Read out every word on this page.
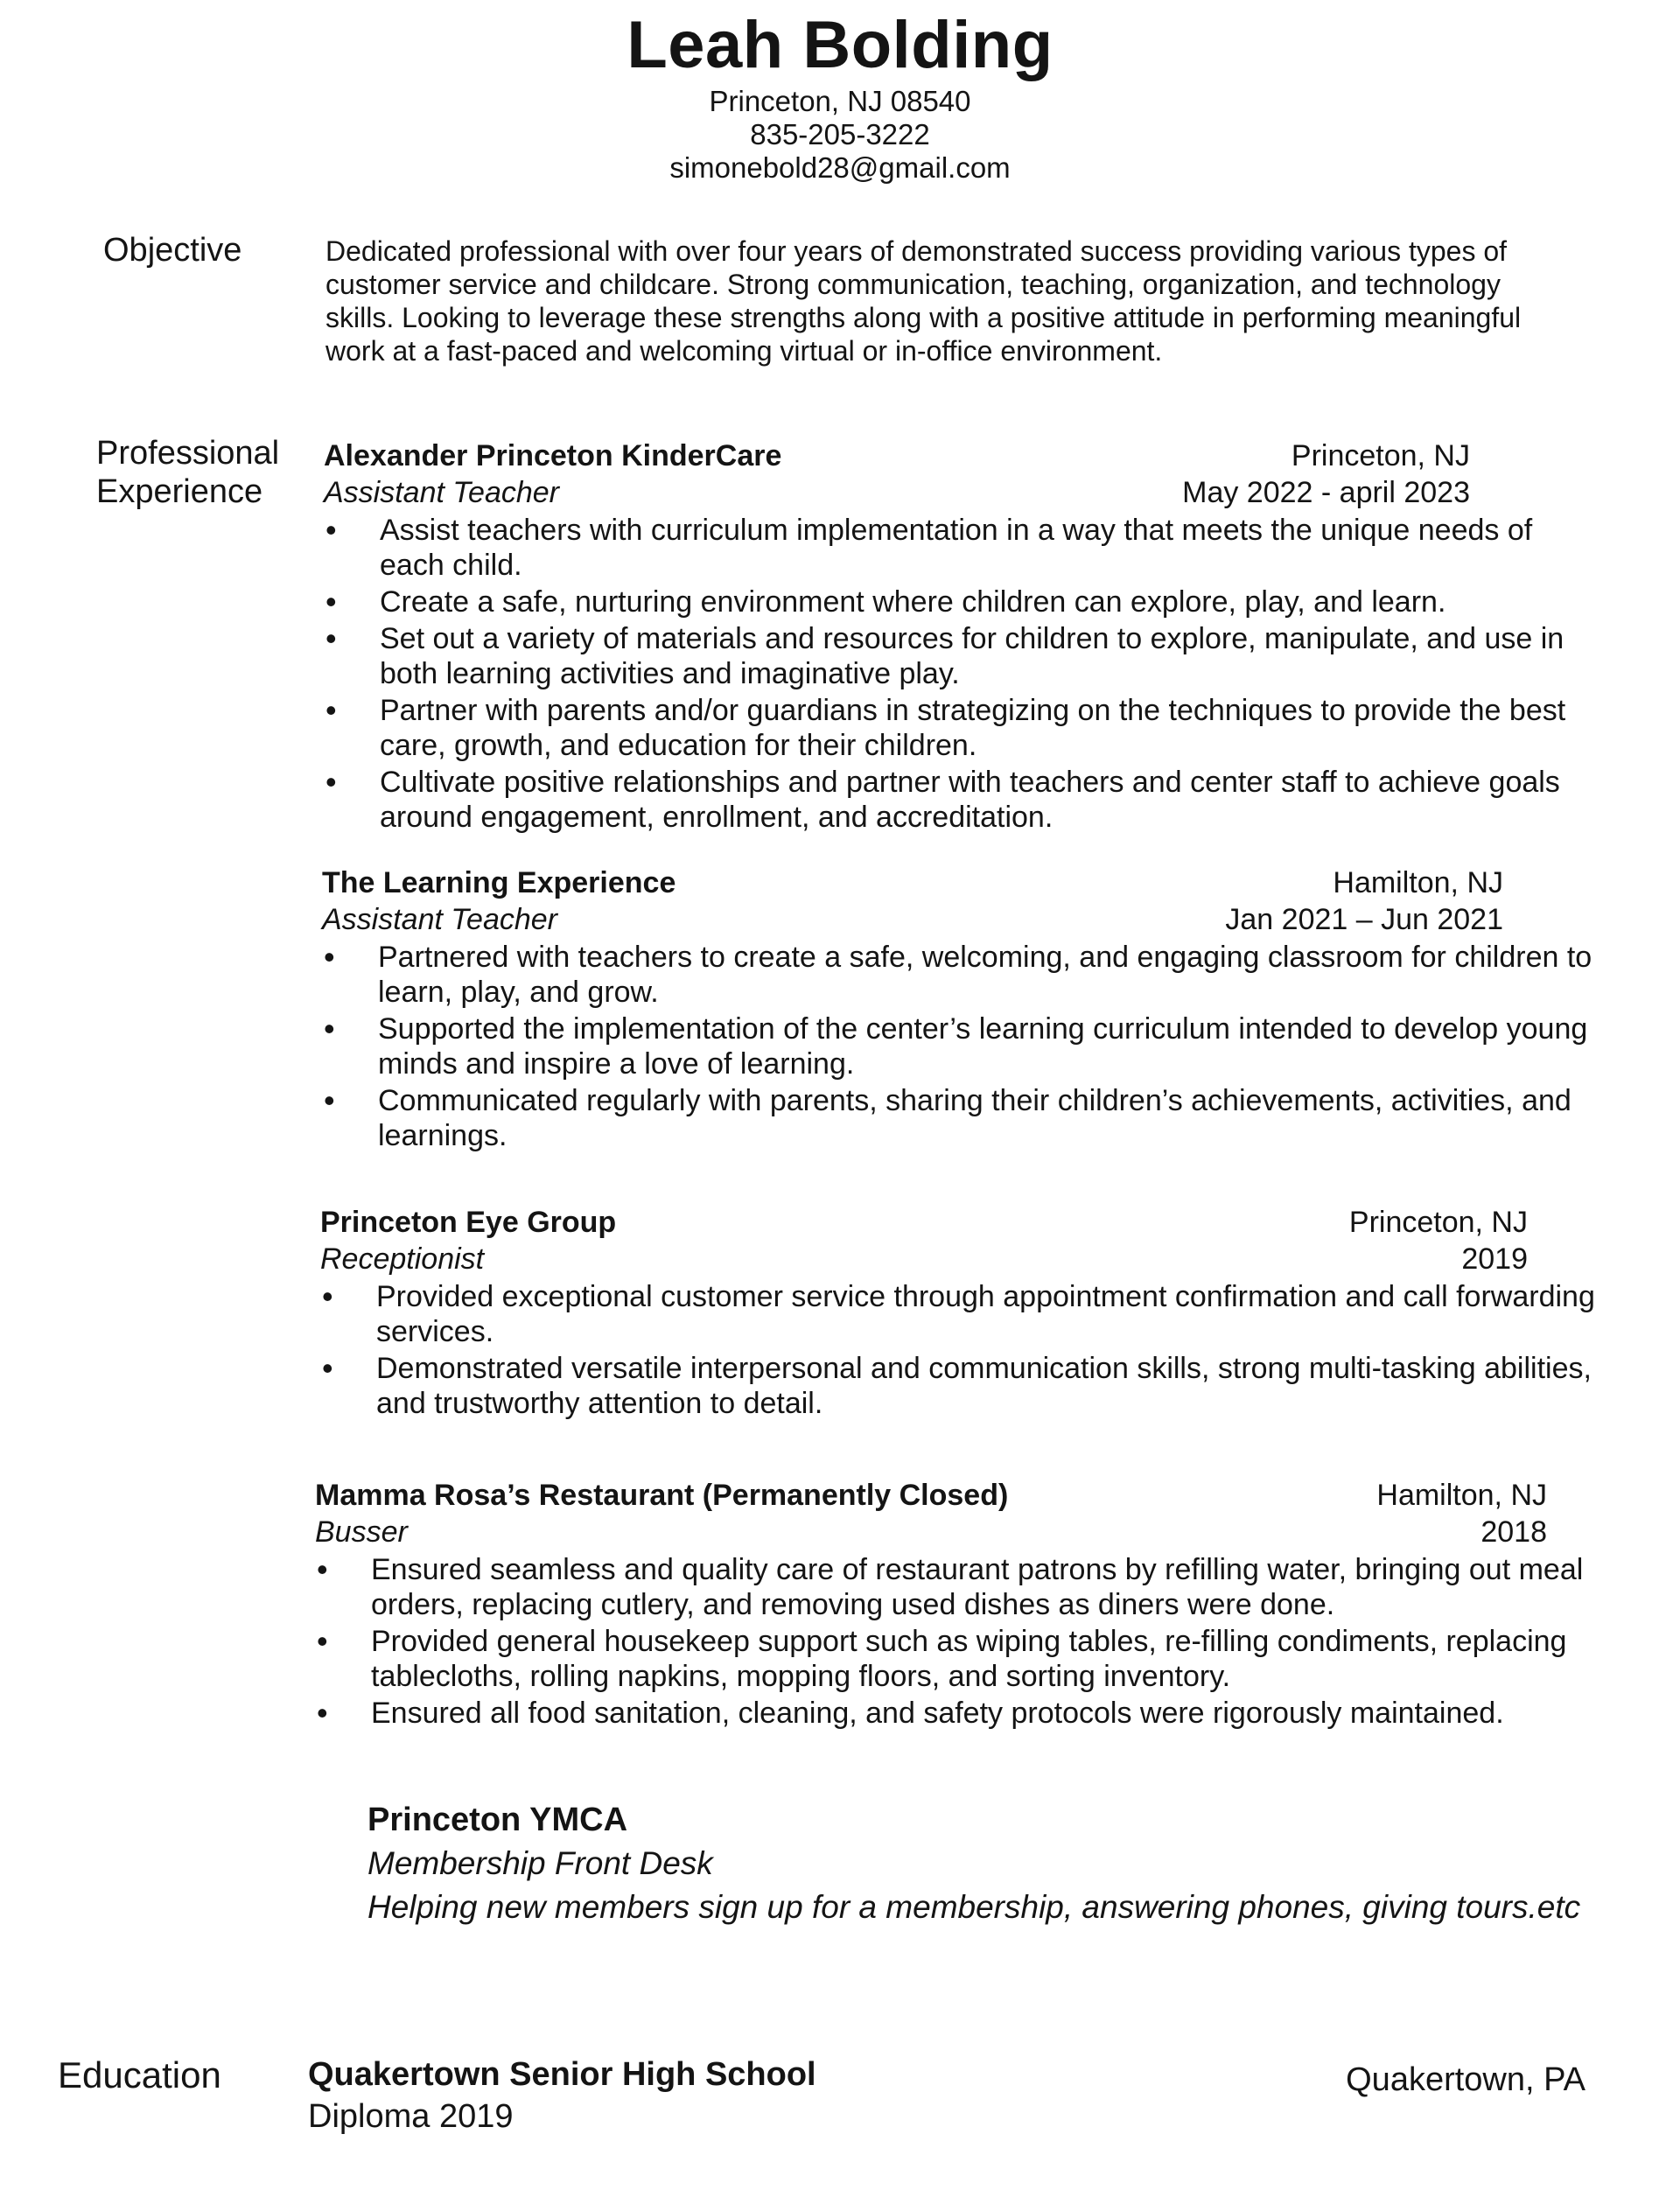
Leah Bolding
Princeton, NJ 08540
835-205-3222
simonebold28@gmail.com
Objective	Dedicated professional with over four years of demonstrated success providing various types of customer service and childcare. Strong communication, teaching, organization, and technology skills. Looking to leverage these strengths along with a positive attitude in performing meaningful work at a fast-paced and welcoming virtual or in-office environment.
Professional
Experience
Alexander Princeton KinderCare	Princeton, NJ
Assistant Teacher	May 2022 - april 2023
• Assist teachers with curriculum implementation in a way that meets the unique needs of each child.
• Create a safe, nurturing environment where children can explore, play, and learn.
• Set out a variety of materials and resources for children to explore, manipulate, and use in both learning activities and imaginative play.
• Partner with parents and/or guardians in strategizing on the techniques to provide the best care, growth, and education for their children.
• Cultivate positive relationships and partner with teachers and center staff to achieve goals around engagement, enrollment, and accreditation.
The Learning Experience	Hamilton, NJ
Assistant Teacher	Jan 2021 – Jun 2021
• Partnered with teachers to create a safe, welcoming, and engaging classroom for children to learn, play, and grow.
• Supported the implementation of the center’s learning curriculum intended to develop young minds and inspire a love of learning.
• Communicated regularly with parents, sharing their children’s achievements, activities, and learnings.
Princeton Eye Group	Princeton, NJ
Receptionist	2019
• Provided exceptional customer service through appointment confirmation and call forwarding services.
• Demonstrated versatile interpersonal and communication skills, strong multi-tasking abilities, and trustworthy attention to detail.
Mamma Rosa’s Restaurant (Permanently Closed)	Hamilton, NJ
Busser	2018
• Ensured seamless and quality care of restaurant patrons by refilling water, bringing out meal orders, replacing cutlery, and removing used dishes as diners were done.
• Provided general housekeep support such as wiping tables, re-filling condiments, replacing tablecloths, rolling napkins, mopping floors, and sorting inventory.
• Ensured all food sanitation, cleaning, and safety protocols were rigorously maintained.
Princeton YMCA
Membership Front Desk
Helping new members sign up for a membership, answering phones, giving tours.etc
Education	Quakertown Senior High School	Quakertown, PA
Diploma 2019
